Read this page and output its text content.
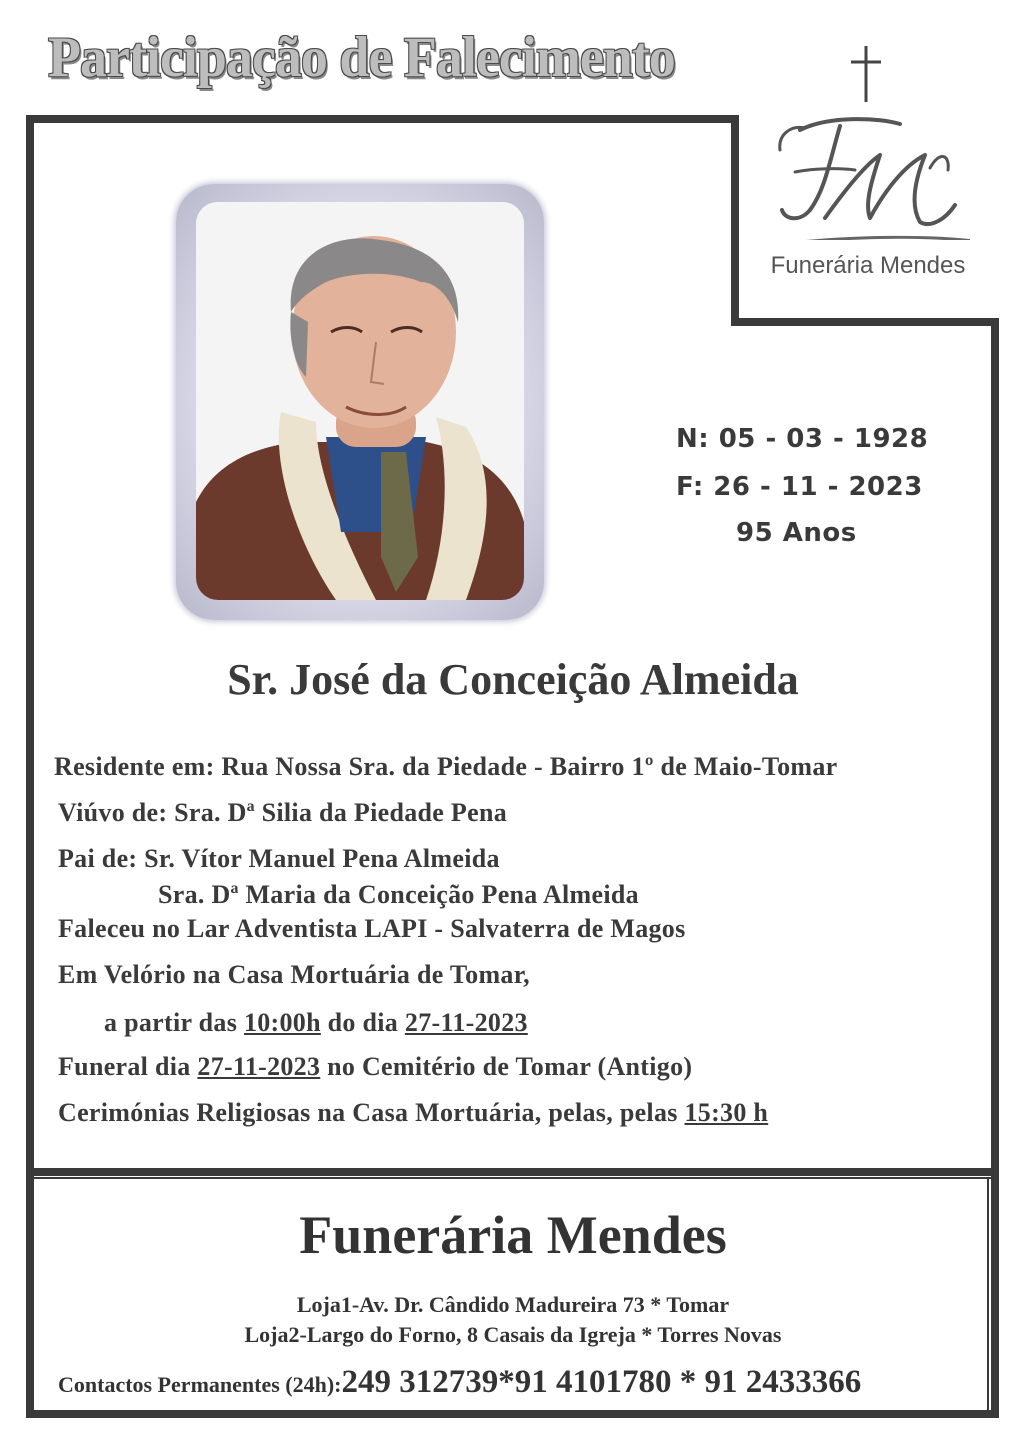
Participação de Falecimento
Funerária Mendes
N: 05 - 03 - 1928
F: 26 - 11 - 2023
95 Anos
Sr. José da Conceição Almeida
Residente em: Rua Nossa Sra. da Piedade - Bairro 1º de Maio-Tomar
Viúvo de: Sra. Dª Silia da Piedade Pena
Pai de: Sr. Vítor Manuel Pena Almeida
Sra. Dª Maria da Conceição Pena Almeida
Faleceu no Lar Adventista LAPI - Salvaterra de Magos
Em Velório na Casa Mortuária de Tomar,
a partir das 10:00h do dia 27-11-2023
Funeral dia 27-11-2023 no Cemitério de Tomar (Antigo)
Cerimónias Religiosas na Casa Mortuária, pelas, pelas 15:30 h
Funerária Mendes
Loja1-Av. Dr. Cândido Madureira 73 * Tomar
Loja2-Largo do Forno, 8 Casais da Igreja * Torres Novas
Contactos Permanentes (24h):249 312739*91 4101780 * 91 2433366
